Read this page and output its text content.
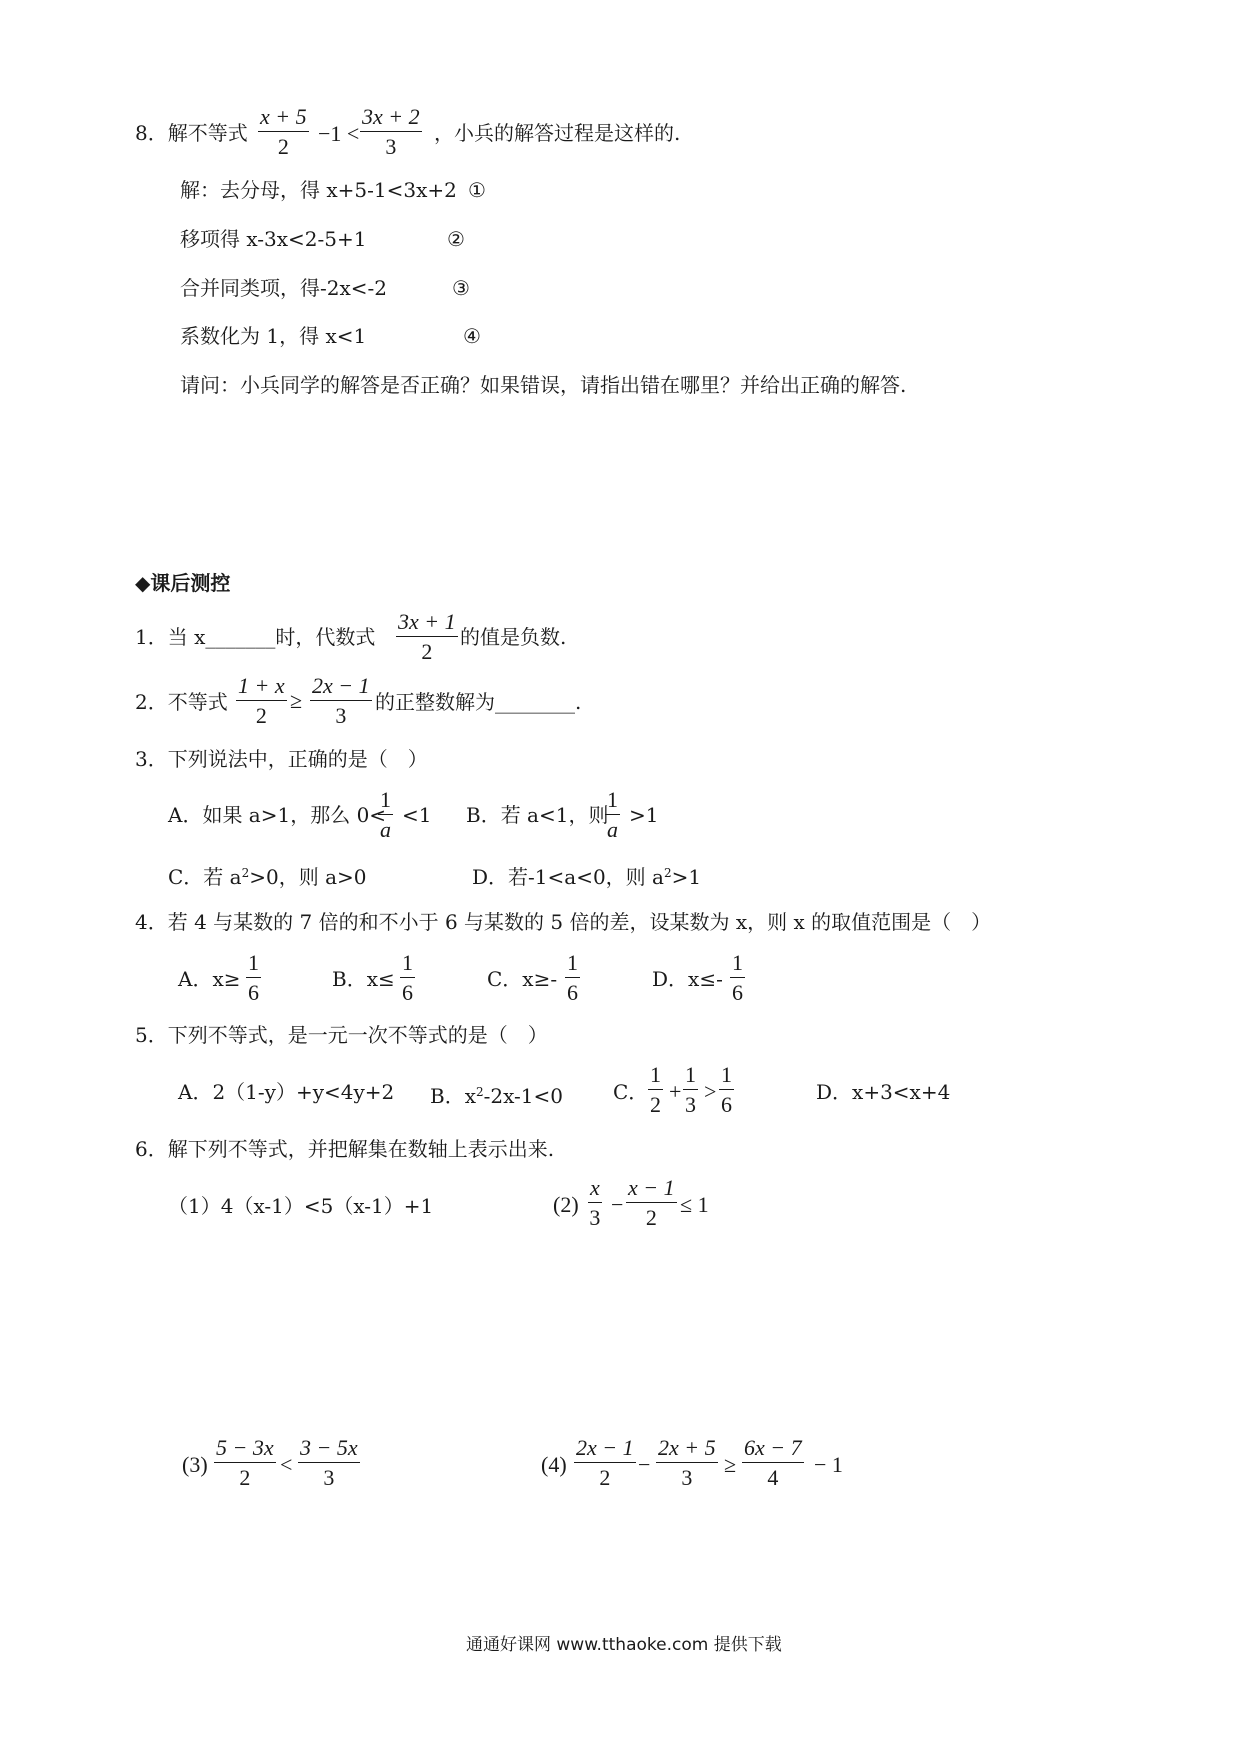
8．解不等式 $\frac{x + 5}{2} -1 < \frac{3x + 2}{3}$ ，小兵的解答过程是这样的.
解：去分母，得 x+5-1<3x+2 ①
移项得 x-3x<2-5+1	②
合并同类项，得-2x<-2	③
系数化为 1，得 x<1	④
请问：小兵同学的解答是否正确？如果错误，请指出错在哪里？并给出正确的解答.
◆课后测控
1．当 x_______时，代数式 $\frac{3x + 1}{2}$ 的值是负数.
2．不等式 $\frac{1 + x}{2} \ge \frac{2x - 1}{3}$ 的正整数解为________.
3．下列说法中，正确的是（　）
A．如果 a>1，那么 0<
$\frac{1}{a} <1$ B．若 a<1，则
$\frac{1}{a} >1$
C．若 $a^2>0$，则 a>0	D．若-1<a<0，则 $a^2>1$
4．若 4 与某数的 7 倍的和不小于 6 与某数的 5 倍的差，设某数为 x，则 x 的取值范围是（　）
A．$x\ge \frac{1}{6}$	B．$x\le \frac{1}{6}$	C．$x\ge- \frac{1}{6}$	D．$x\le- \frac{1}{6}$
5．下列不等式，是一元一次不等式的是（　）
A．2（1-y）+y<4y+2 B．$x^2-2x-1<0$	C． $\frac{1}{2} + \frac{1}{3} > \frac{1}{6}$	D．x+3<x+4
6．解下列不等式，并把解集在数轴上表示出来.
（1）4（x-1）<5（x-1）+1	$(2) \frac{x}{3} - \frac{x - 1}{2} \le 1$
$(3) \frac{5 - 3x}{2} < \frac{3 - 5x}{3}$	$(4) \frac{2x - 1}{2} - \frac{2x + 5}{3} \ge \frac{6x - 7}{4} - 1$
通通好课网 www.tthaoke.com 提供下载
